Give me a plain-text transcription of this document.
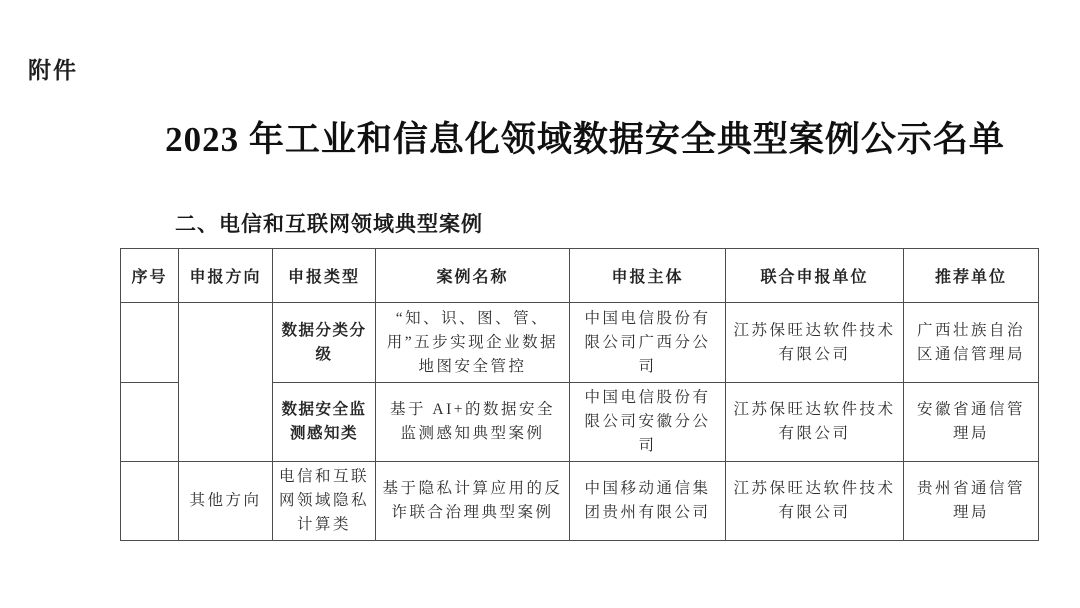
附件
2023 年工业和信息化领域数据安全典型案例公示名单
二、电信和互联网领域典型案例
序号	申报方向	申报类型	案例名称	申报主体	联合申报单位	推荐单位
		数据分类分级	“知、识、图、管、用”五步实现企业数据地图安全管控	中国电信股份有限公司广西分公司	江苏保旺达软件技术有限公司	广西壮族自治区通信管理局
		数据安全监测感知类	基于 AI+的数据安全监测感知典型案例	中国电信股份有限公司安徽分公司	江苏保旺达软件技术有限公司	安徽省通信管理局
	其他方向	电信和互联网领域隐私计算类	基于隐私计算应用的反诈联合治理典型案例	中国移动通信集团贵州有限公司	江苏保旺达软件技术有限公司	贵州省通信管理局
